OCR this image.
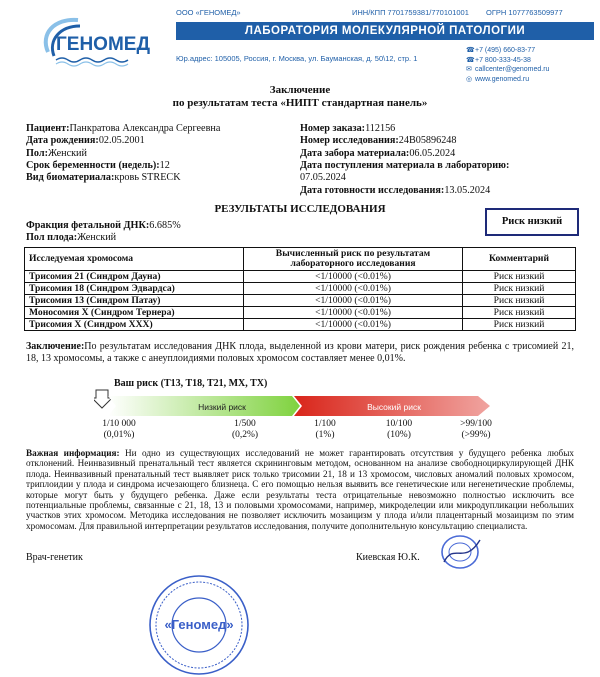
ГЕНОМЕД
ООО «ГЕНОМЕД»	ИНН/КПП 7701759381/770101001 ОГРН 1077763509977
ЛАБОРАТОРИЯ МОЛЕКУЛЯРНОЙ ПАТОЛОГИИ
Юр.адрес: 105005, Россия, г. Москва, ул. Бауманская, д. 50\12, стр. 1
☎+7 (495) 660-83-77
☎+7 800-333-45-38
✉ callcenter@genomed.ru
◎ www.genomed.ru
Заключение
по результатам теста «НИПТ стандартная панель»
Пациент:Панкратова Александра Сергеевна
Дата рождения:02.05.2001
Пол:Женский
Срок беременности (недель):12
Вид биоматериала:кровь STRECK
Номер заказа:112156
Номер исследования:24B05896248
Дата забора материала:06.05.2024
Дата поступления материала в лабораторию:
07.05.2024
Дата готовности исследования:13.05.2024
РЕЗУЛЬТАТЫ ИССЛЕДОВАНИЯ
Риск низкий
Фракция фетальной ДНК:6.685%
Пол плода:Женский
Исследуемая хромосома	Вычисленный риск по результатам лабораторного исследования	Комментарий
Трисомия 21 (Синдром Дауна)	<1/10000 (<0.01%)	Риск низкий
Трисомия 18 (Синдром Эдвардса)	<1/10000 (<0.01%)	Риск низкий
Трисомия 13 (Синдром Патау)	<1/10000 (<0.01%)	Риск низкий
Моносомия Х (Синдром Тернера)	<1/10000 (<0.01%)	Риск низкий
Трисомия Х (Синдром ХХХ)	<1/10000 (<0.01%)	Риск низкий
Заключение:По результатам исследования ДНК плода, выделенной из крови матери, риск рождения ребенка с трисомией 21, 18, 13 хромосомы, а также с анеуплоидиями половых хромосом составляет менее 0,01%.
Ваш риск (T13, T18, T21, MX, TX)
Низкий риск	Высокий риск
1/10 000
(0,01%)
1/500
(0,2%)
1/100
(1%)
10/100
(10%)
>99/100
(>99%)
Важная информация: Ни одно из существующих исследований не может гарантировать отсутствия у будущего ребенка любых отклонений. Неинвазивный пренатальный тест является скрининговым методом, основанном на анализе свободноциркулирующей ДНК плода. Неинвазивный пренатальный тест выявляет риск только трисомии 21, 18 и 13 хромосом, числовых аномалий половых хромосом, триплоидии у плода и синдрома исчезающего близнеца. С его помощью нельзя выявить все генетические или негенетические проблемы, которые могут быть у будущего ребенка. Даже если результаты теста отрицательные невозможно полностью исключить все потенциальные проблемы, связанные с 21, 18, 13 и половыми хромосомами, например, микроделеции или микродупликации небольших участков этих хромосом. Методика исследования не позволяет исключить мозаицизм у плода и/или плацентарный мозаицизм по этим хромосомам. Для правильной интерпретации результатов исследования, получите дополнительную консультацию специалиста.
Врач-генетик	Киевская Ю.К.
«Геномед»
